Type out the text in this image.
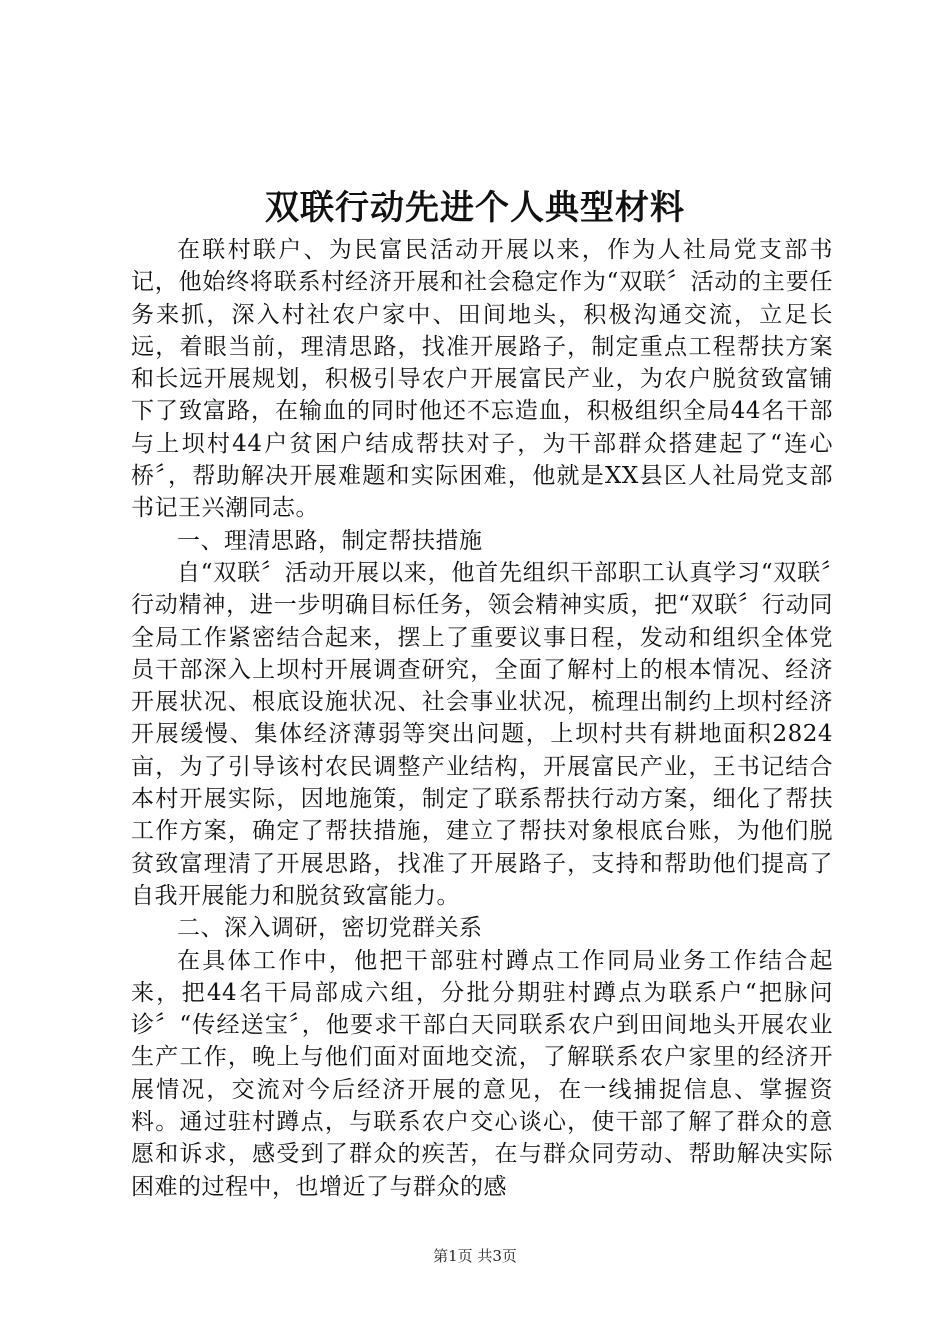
双联行动先进个人典型材料

在联村联户、为民富民活动开展以来，作为人社局党支部书记，他始终将联系村经济开展和社会稳定作为“双联〞活动的主要任务来抓，深入村社农户家中、田间地头，积极沟通交流，立足长远，着眼当前，理清思路，找准开展路子，制定重点工程帮扶方案和长远开展规划，积极引导农户开展富民产业，为农户脱贫致富铺下了致富路，在输血的同时他还不忘造血，积极组织全局44名干部与上坝村44户贫困户结成帮扶对子，为干部群众搭建起了“连心桥〞，帮助解决开展难题和实际困难，他就是XX县区人社局党支部书记王兴潮同志。

一、理清思路，制定帮扶措施

自“双联〞活动开展以来，他首先组织干部职工认真学习“双联〞行动精神，进一步明确目标任务，领会精神实质，把“双联〞行动同全局工作紧密结合起来，摆上了重要议事日程，发动和组织全体党员干部深入上坝村开展调查研究，全面了解村上的根本情况、经济开展状况、根底设施状况、社会事业状况，梳理出制约上坝村经济开展缓慢、集体经济薄弱等突出问题，上坝村共有耕地面积2824亩，为了引导该村农民调整产业结构，开展富民产业，王书记结合本村开展实际，因地施策，制定了联系帮扶行动方案，细化了帮扶工作方案，确定了帮扶措施，建立了帮扶对象根底台账，为他们脱贫致富理清了开展思路，找准了开展路子，支持和帮助他们提高了自我开展能力和脱贫致富能力。

二、深入调研，密切党群关系

在具体工作中，他把干部驻村蹲点工作同局业务工作结合起来，把44名干局部成六组，分批分期驻村蹲点为联系户“把脉问诊〞“传经送宝〞，他要求干部白天同联系农户到田间地头开展农业生产工作，晚上与他们面对面地交流，了解联系农户家里的经济开展情况，交流对今后经济开展的意见，在一线捕捉信息、掌握资料。通过驻村蹲点，与联系农户交心谈心，使干部了解了群众的意愿和诉求，感受到了群众的疾苦，在与群众同劳动、帮助解决实际困难的过程中，也增近了与群众的感

第1页 共3页
